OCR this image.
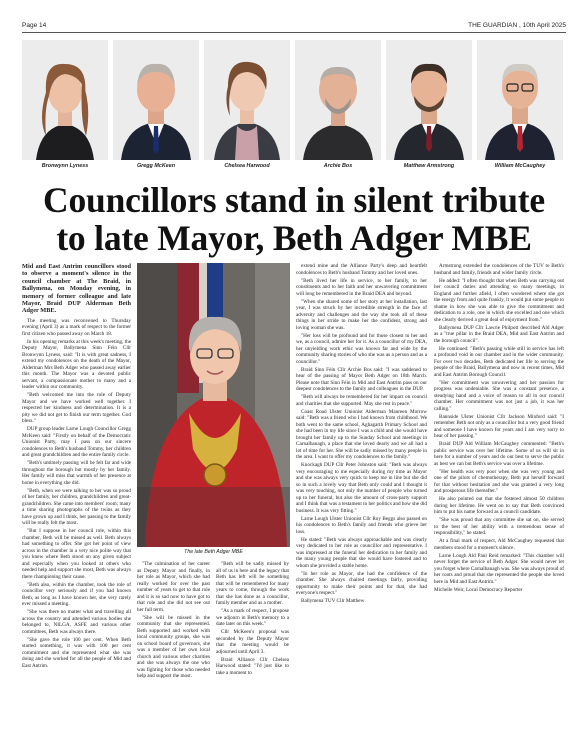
Page 14	THE GUARDIAN , 10th April 2025
Bronwynn Lyness	Gregg McKeen	Chelsea Harwood	Archie Bos	Matthew Armstrong	William McCaughey
Councillors stand in silent tribute
to late Mayor, Beth Adger MBE

Mid and East Antrim councillors stood to observe a moment's silence in the council chamber at The Braid, in Ballymena, on Monday evening, in memory of former colleague and late Mayor, Braid DUP Alderman Beth Adger MBE.

The meeting was reconvened to Thursday evening (April 3) as a mark of respect to the former first citizen who passed away on March 18.

In his opening remarks at this week's meeting, the Deputy Mayor, Ballymena Sinn Féin Cllr Bronwynn Lyness, said: "It is with great sadness, I extend my condolences on the death of the Mayor, Alderman Mrs Beth Adger who passed away earlier this month. The Mayor was a devoted public servant, a compassionate mother to many and a leader within our community.

"Beth welcomed me into the role of Deputy Mayor and we have worked well together. I respected her kindness and determination. It is a pity we did not get to finish our term together. God bless."

DUP group leader Larne Lough Councillor Gregg McKeen said: "Firstly on behalf of the Democratic Unionist Party, may I pass on our sincere condolences to Beth's husband Tommy, her children and great grandchildren and the entire family circle.

"Beth's untimely passing will be felt far and wide throughout the borough but mostly by her family. Her family will miss that warmth of her presence at home in everything she did.

"Beth, when we were talking to her was so proud of her family, her children, grandchildren and great-grandchildren. She came into members' room; many a time sharing photographs of the twins as they have grown up and I think, her passing to the family will be really felt the most.

"But I suppose in her council role, within this chamber, Beth will be missed as well. Beth always had something to offer. She got her point of view across in the chamber in a very nice polite way that you knew where Beth stood on any given subject and especially when you looked at others who needed help and support she most, Beth was always there championing their cause.

"Beth also, within the chamber, took the role of councillor very seriously and if you had known Beth, as long as I have known her, she very rarely ever missed a meeting.

"She was there no matter what and travelling all across the country and attended various bodies she belonged to, NILGA, ASFE and various other committees, Beth was always there.

"She gave the role 100 per cent. When Beth started something, it was with 100 per cent commitment and she represented what she was doing and she worked for all the people of Mid and East Antrim.

The late Beth Adger MBE

"The culmination of her career as Deputy Mayor and finally, in her role as Mayor, which she had really worked for over the past number of years to get to that role and it is so sad now to have got to that role and she did not see out her full term.

"She will be missed in the community that she represented. Beth supported and worked with local community groups, she was on school board of governors, she was a member of her own local church and various other charities and she was always the one who was fighting for those who needed help and support the most.

"Beth will be sadly missed by all of us in here and the legacy that Beth has left will be something that will be remembered for many years to come, through the work that she has done as a councillor, family member and as a mother.

"As a mark of respect, I propose we adjourn in Beth's memory to a date later on this week."

Cllr McKeen's proposal was seconded by the Deputy Mayor that the meeting would be adjourned until April 3.

Braid Alliance Cllr Chelsea Harwood stated: "I'd just like to take a moment to

extend mine and the Alliance Party's deep and heartfelt condolences to Beth's husband Tommy and her loved ones.

"Beth lived her life in service, to her family, to her constituents and to her faith and her unwavering commitment will long be remembered in the Braid DEA and beyond.

"When she shared some of her story at her installation, last year, I was struck by her incredible strength in the face of adversity and challenges and the way she took all of these things in her stride to make her the confident, strong and loving woman she was.

"Her loss will be profound and for those closest to her and we, as a council, admire her for it. As a councillor of my DEA, her unyielding work ethic was known far and wide by the community sharing stories of who she was as a person and as a councillor."

Braid Sinn Féin Cllr Archie Bos said: "I was saddened to hear of the passing of Mayor Beth Adger on 18th March. Please note that Sinn Féin in Mid and East Antrim pass on our deepest condolences to the family and colleagues in the DUP.

"Beth will always be remembered for her impact on council and charities that she supported. May she rest in peace."

Coast Road Ulster Unionist Alderman Maureen Morrow said: "Beth was a friend who I had known from childhood. We both went to the same school, Aghagarth Primary School and she had been in my life since I was a child and she would have brought her family up to the Sunday School and meetings in Carnalbanagh, a place that she loved dearly and we all had a lot of time for her. She will be sadly missed by many people in the area. I want to offer my condolences to the family."

Knockagh DUP Cllr Peter Johnston said: "Beth was always very encouraging to me especially during my time as Mayor and she was always very quick to keep me in line but she did so in such a lovely way that Beth only could and I thought it was very touching, not only the number of people who turned up to her funeral, but also the amount of cross-party support and I think that was a testament to her politics and how she did business. It was very fitting."

Larne Lough Ulster Unionist Cllr Roy Beggs also passed on his condolences to Beth's family and friends who grieve her loss.

He stated: "Beth was always approachable and was clearly very dedicated to her role as councillor and representative. I was impressed at the funeral her dedication to her family and the many young people that she would have fostered and to whom she provided a stable home.

"In her role as Mayor, she had the confidence of the chamber. She always chaired meetings fairly, providing opportunity to make their points and for that, she had everyone's respect."

Ballymena TUV Cllr Matthew

Armstrong extended the condolences of the TUV to Beth's husband and family, friends and wider family circle.

He added: "I often thought that when Beth was carrying out her council duties and attending so many meetings, in England and further afield, I often wondered where she got the energy from and quite frankly, it would put some people to shame in how she was able to give the commitment and dedication to a role, one in which she excelled and one which she clearly derived a great deal of enjoyment from."

Ballymena DUP Cllr Lawrie Philpott described Ald Adger as a "true pillar in the Braid DEA, Mid and East Antrim and the borough council".

He continued: "Beth's passing while still in service has left a profound void in our chamber and in the wider community. For over two decades, Beth dedicated her life to serving the people of the Braid, Ballymena and now in recent times, Mid and East Antrim Borough Council.

"Her commitment was unwavering and her passion for progress was undeniable. She was a constant presence, a steadying hand and a voice of reason to all in our council chamber. Her commitment was not just a job, it was her calling."

Bannside Ulster Unionist Cllr Jackson Minford said: "I remember Beth not only as a councillor but a very good friend and someone I have known for years and I am very sorry to hear of her passing."

Braid DUP Ald William McCaughey commented: "Beth's public service was over her lifetime. Some of us will sit in here for a number of years and do our best to serve the public as best we can but Beth's service was over a lifetime.

"Her health was very poor when she was very young and one of the pilots of chemotherapy, Beth put herself forward for that without hesitation and she was granted a very long and prosperous life thereafter."

He also pointed out that she fostered almost 50 children during her lifetime. He went on to say that Beth convinced him to put his name forward as a council candidate.

"She was proud that any committee she sat on, she served to the best of her ability with a tremendous sense of responsibility," he stated.

At a final mark of respect, Ald McCaughey requested that members stood for a moment's silence.

Larne Lough Ald Paul Reid remarked: "This chamber will never forget the service of Beth Adger. She would never let you forget where Carnalbanagh was. She was always proud of her roots and proud that she represented the people she loved here in Mid and East Antrim."

Michelle Weir, Local Democracy Reporter
